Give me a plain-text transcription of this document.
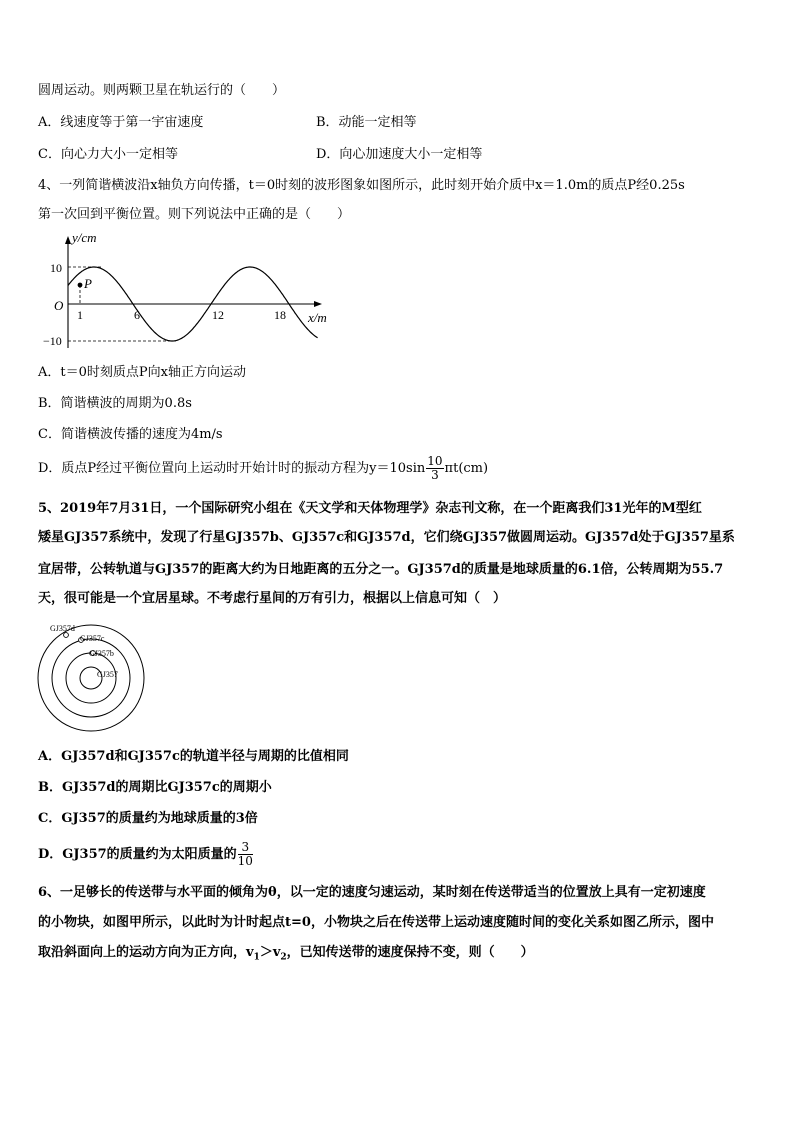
圆周运动。则两颗卫星在轨运行的（　　）
A．线速度等于第一宇宙速度	B．动能一定相等
C．向心力大小一定相等	D．向心加速度大小一定相等
4、一列简谐横波沿x轴负方向传播，t＝0时刻的波形图象如图所示，此时刻开始介质中x＝1.0m的质点P经0.25s
第一次回到平衡位置。则下列说法中正确的是（　　）
P
y/cm
x/m
O
10
−10
1	6	12	18
A．t＝0时刻质点P向x轴正方向运动
B．简谐横波的周期为0.8s
C．简谐横波传播的速度为4m/s
D．质点P经过平衡位置向上运动时开始计时的振动方程为$y=10\sin \frac{10}{3} \pi t(cm)$
5、2019年7月31日，一个国际研究小组在《天文学和天体物理学》杂志刊文称，在一个距离我们31光年的M型红
矮星GJ357系统中，发现了行星GJ357b、GJ357c和GJ357d，它们绕GJ357做圆周运动。GJ357d处于GJ357星系
宜居带，公转轨道与GJ357的距离大约为日地距离的五分之一。GJ357d的质量是地球质量的6.1倍，公转周期为55.7
天，很可能是一个宜居星球。不考虑行星间的万有引力，根据以上信息可知（　）
GJ357d
GJ357c
GJ357b
GJ357
A．GJ357d和GJ357c的轨道半径与周期的比值相同
B．GJ357d的周期比GJ357c的周期小
C．GJ357的质量约为地球质量的3倍
D．GJ357的质量约为太阳质量的 $\frac{3}{10}$
6、一足够长的传送带与水平面的倾角为θ，以一定的速度匀速运动，某时刻在传送带适当的位置放上具有一定初速度
的小物块，如图甲所示，以此时为计时起点t=0，小物块之后在传送带上运动速度随时间的变化关系如图乙所示，图中
取沿斜面向上的运动方向为正方向，$v_1>v_2$，已知传送带的速度保持不变，则（　　）
